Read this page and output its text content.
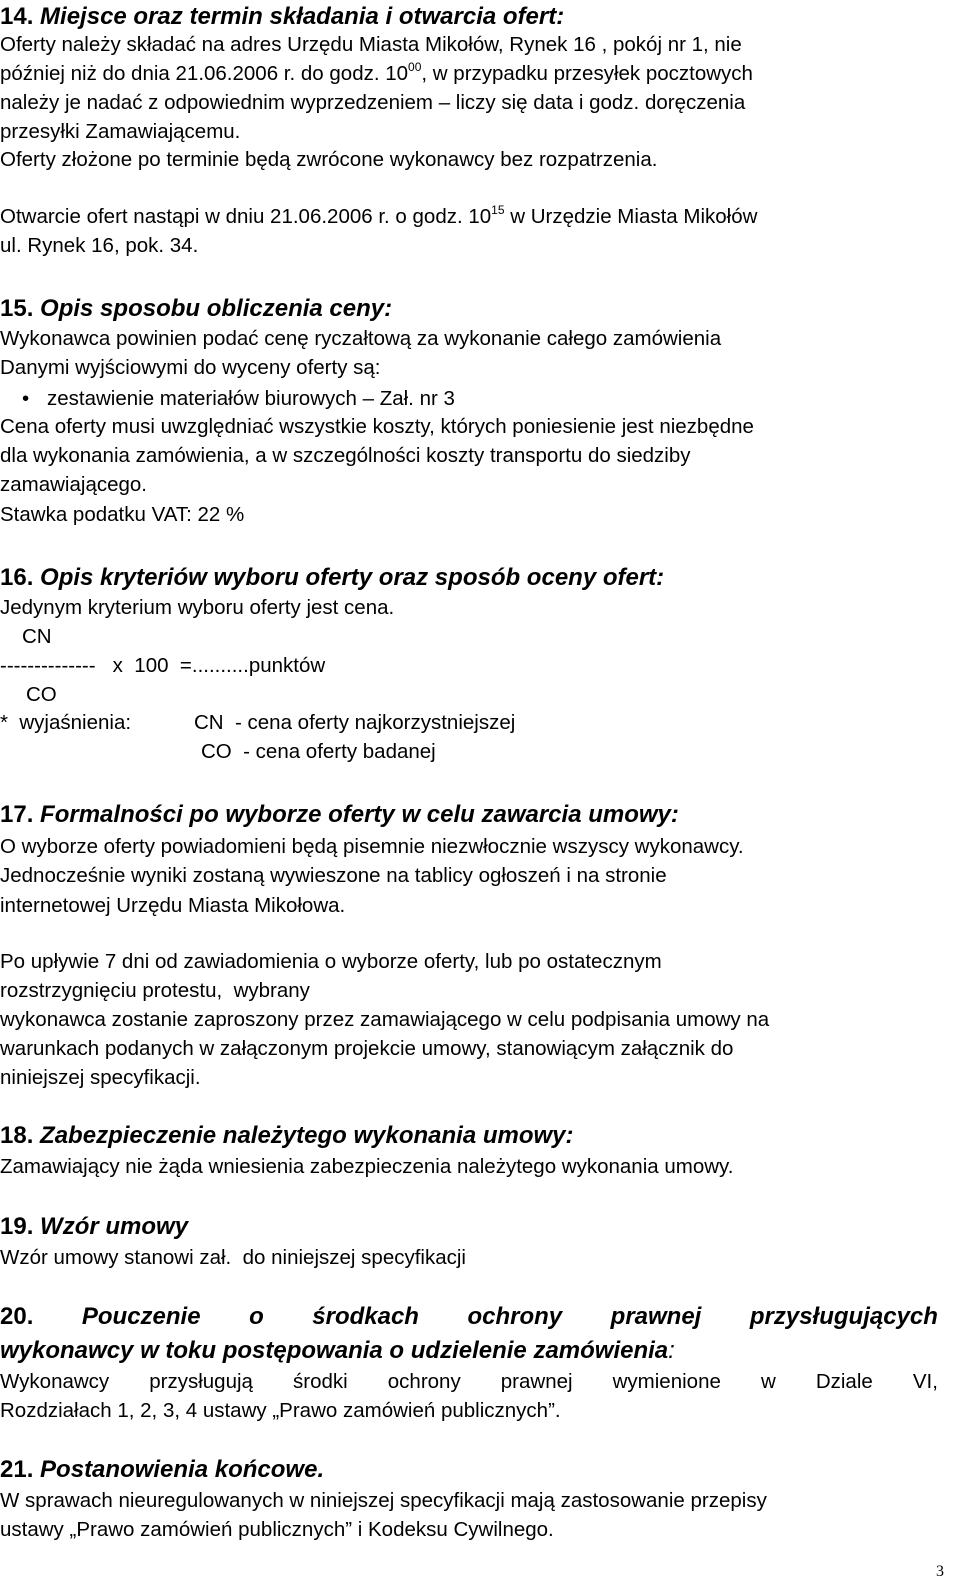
14. Miejsce oraz termin składania i otwarcia ofert:
Oferty należy składać na adres Urzędu Miasta Mikołów, Rynek 16 , pokój nr 1, nie
później niż do dnia 21.06.2006 r. do godz. $10^{00}$, w przypadku przesyłek pocztowych
należy je nadać z odpowiednim wyprzedzeniem – liczy się data i godz. doręczenia
przesyłki Zamawiającemu.
Oferty złożone po terminie będą zwrócone wykonawcy bez rozpatrzenia.
Otwarcie ofert nastąpi w dniu 21.06.2006 r. o godz. $10^{15}$ w Urzędzie Miasta Mikołów
ul. Rynek 16, pok. 34.
15. Opis sposobu obliczenia ceny:
Wykonawca powinien podać cenę ryczałtową za wykonanie całego zamówienia
Danymi wyjściowymi do wyceny oferty są:
• zestawienie materiałów biurowych – Zał. nr 3
Cena oferty musi uwzględniać wszystkie koszty, których poniesienie jest niezbędne
dla wykonania zamówienia, a w szczególności koszty transportu do siedziby
zamawiającego.
Stawka podatku VAT: 22 %
16. Opis kryteriów wyboru oferty oraz sposób oceny ofert:
Jedynym kryterium wyboru oferty jest cena.
CN
--------------   x  100  =..........punktów
CO
*  wyjaśnienia:	CN  - cena oferty najkorzystniejszej
CO  - cena oferty badanej
17. Formalności po wyborze oferty w celu zawarcia umowy:
O wyborze oferty powiadomieni będą pisemnie niezwłocznie wszyscy wykonawcy.
Jednocześnie wyniki zostaną wywieszone na tablicy ogłoszeń i na stronie
internetowej Urzędu Miasta Mikołowa.
Po upływie 7 dni od zawiadomienia o wyborze oferty, lub po ostatecznym
rozstrzygnięciu protestu,  wybrany
wykonawca zostanie zaproszony przez zamawiającego w celu podpisania umowy na
warunkach podanych w załączonym projekcie umowy, stanowiącym załącznik do
niniejszej specyfikacji.
18. Zabezpieczenie należytego wykonania umowy:
Zamawiający nie żąda wniesienia zabezpieczenia należytego wykonania umowy.
19. Wzór umowy
Wzór umowy stanowi zał.  do niniejszej specyfikacji
20. Pouczenie o środkach ochrony prawnej przysługujących
wykonawcy w toku postępowania o udzielenie zamówienia:
Wykonawcy przysługują środki ochrony prawnej wymienione w Dziale VI,
Rozdziałach 1, 2, 3, 4 ustawy „Prawo zamówień publicznych”.
21. Postanowienia końcowe.
W sprawach nieuregulowanych w niniejszej specyfikacji mają zastosowanie przepisy
ustawy „Prawo zamówień publicznych” i Kodeksu Cywilnego.
3
